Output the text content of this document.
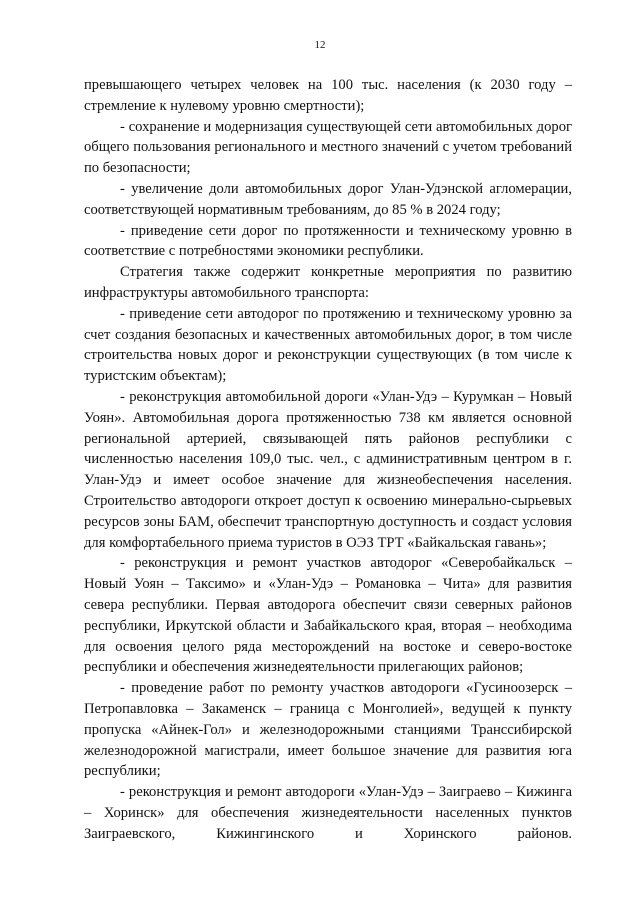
12

превышающего четырех человек на 100 тыс. населения (к 2030 году – стремление к нулевому уровню смертности);

- сохранение и модернизация существующей сети автомобильных дорог общего пользования регионального и местного значений с учетом требований по безопасности;

- увеличение доли автомобильных дорог Улан-Удэнской агломерации, соответствующей нормативным требованиям, до 85 % в 2024 году;

- приведение сети дорог по протяженности и техническому уровню в соответствие с потребностями экономики республики.

Стратегия также содержит конкретные мероприятия по развитию инфраструктуры автомобильного транспорта:

- приведение сети автодорог по протяжению и техническому уровню за счет создания безопасных и качественных автомобильных дорог, в том числе строительства новых дорог и реконструкции существующих (в том числе к туристским объектам);

- реконструкция автомобильной дороги «Улан-Удэ – Курумкан – Новый Уоян». Автомобильная дорога протяженностью 738 км является основной региональной артерией, связывающей пять районов республики с численностью населения 109,0 тыс. чел., с административным центром в г. Улан-Удэ и имеет особое значение для жизнеобеспечения населения. Строительство автодороги откроет доступ к освоению минерально-сырьевых ресурсов зоны БАМ, обеспечит транспортную доступность и создаст условия для комфортабельного приема туристов в ОЭЗ ТРТ «Байкальская гавань»;

- реконструкция и ремонт участков автодорог «Северобайкальск – Новый Уоян – Таксимо» и «Улан-Удэ – Романовка – Чита» для развития севера республики. Первая автодорога обеспечит связи северных районов республики, Иркутской области и Забайкальского края, вторая – необходима для освоения целого ряда месторождений на востоке и северо-востоке республики и обеспечения жизнедеятельности прилегающих районов;

- проведение работ по ремонту участков автодороги «Гусиноозерск – Петропавловка – Закаменск – граница с Монголией», ведущей к пункту пропуска «Айнек-Гол» и железнодорожными станциями Транссибирской железнодорожной магистрали, имеет большое значение для развития юга республики;

- реконструкция и ремонт автодороги «Улан-Удэ – Заиграево – Кижинга – Хоринск» для обеспечения жизнедеятельности населенных пунктов Заиграевского, Кижингинского и Хоринского районов.
